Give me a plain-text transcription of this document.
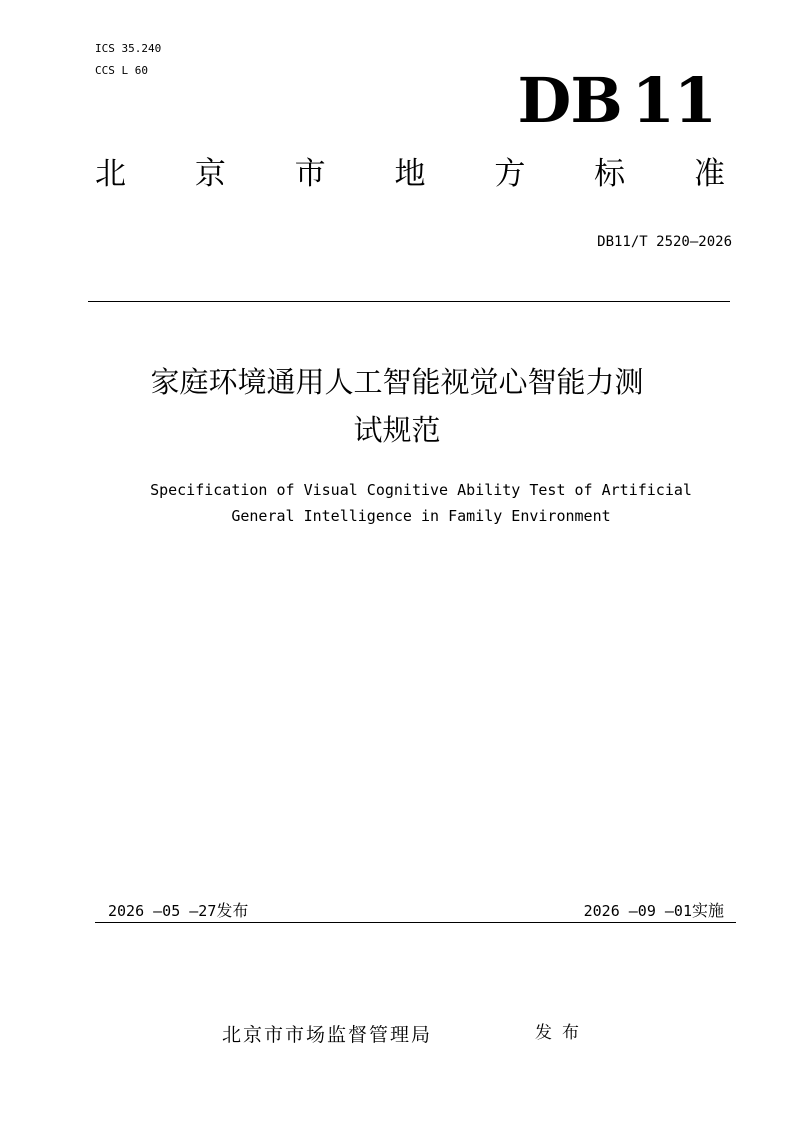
ICS 35.240
CCS L 60	DB 11
北 京 市 地 方 标 准
DB11/T 2520—2026
家庭环境通用人工智能视觉心智能力测
试规范
Specification of Visual Cognitive Ability Test of Artificial
General Intelligence in Family Environment
2026 —05 —27发布	2026 —09 —01实施
北京市市场监督管理局	发布
